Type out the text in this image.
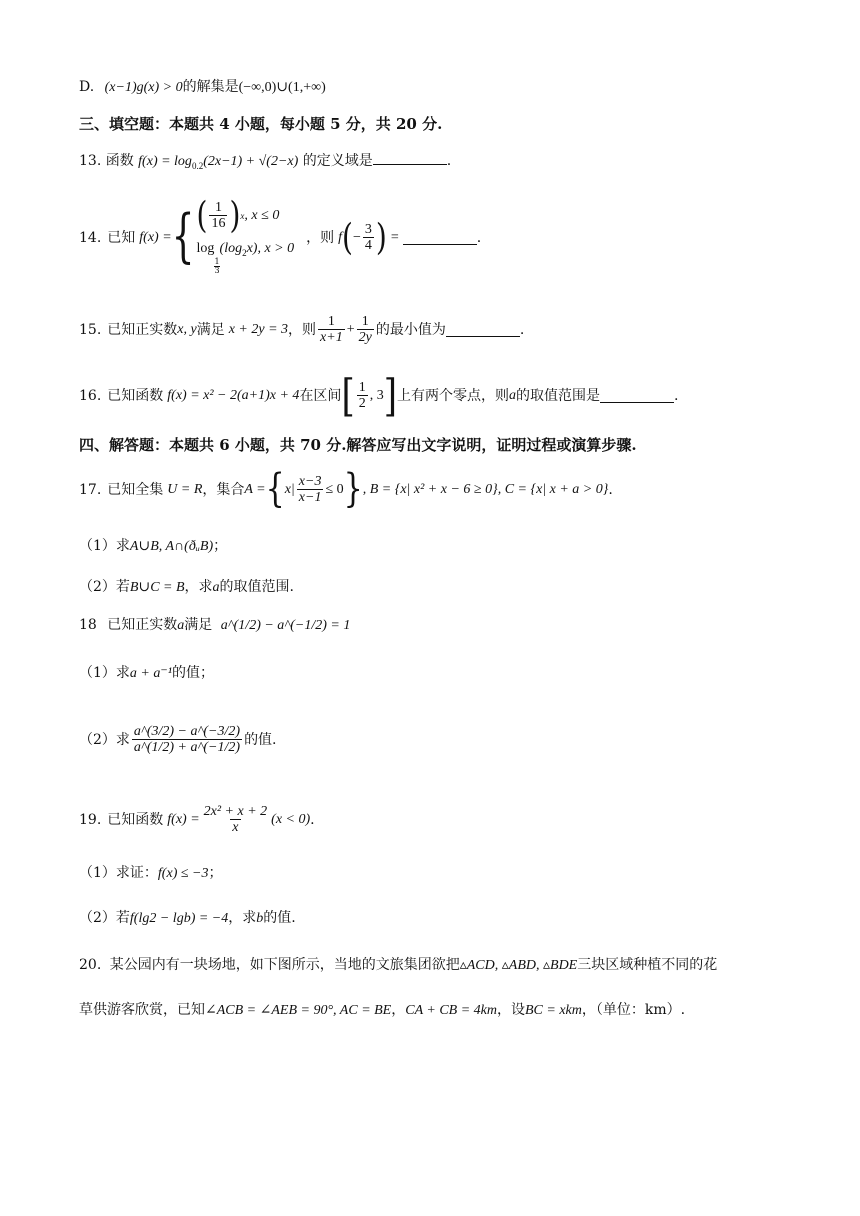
D. (x−1)g(x) > 0的解集是(−∞,0)∪(1,+∞)
三、填空题：本题共 4 小题，每小题 5 分，共 20 分.
13. 函数 $f(x) = \log_{0.2}(2x-1) + √(2-x)$ 的定义域是	.
14. 已知 f(x) = { ( $\frac{1}{16}$ ) x , x ≤ 0
log
$\frac{1}{3}$
$(\log_2x)$, x > 0
，则 f ( − $\frac{3}{4}$ ) =	.
15. 已知正实数 x, y 满足 x + 2y = 3 ，则 $\frac{1}{x+1} + \frac{1}{2y}$ 的最小值为	.
16. 已知函数 f(x) = x² − 2(a+1)x + 4 在区间 [ $\frac{1}{2}$ , 3 ] 上有两个零点，则 a 的取值范围是	.
四、解答题：本题共 6 小题，共 70 分.解答应写出文字说明，证明过程或演算步骤.
17. 已知全集 U = R ，集合 A = { $x| \frac{x-3}{x-1} \le 0$ } , B = {x| x² + x − 6 ≥ 0}, C = {x| x + a > 0} .
（1）求A∪B, A∩(ðᵤB)；
（2）若B∪C = B，求a的取值范围.
18 已知正实数a满足 a^(1/2) − a^(−1/2) = 1
（1）求a + a⁻¹的值；
（2）求 $\frac{a\^{}(3/2) - a\^{}(-3/2)}{a\^{}(1/2) + a\^{}(-1/2)}$ 的值.
19. 已知函数 $f(x) = \frac{\text{2x² + x + 2}}{x} (x < 0)$ .
（1）求证：f(x) ≤ −3；
（2）若f(lg2 − lgb) = −4，求b的值.
20. 某公园内有一块场地，如下图所示，当地的文旅集团欲把▵ACD, ▵ABD, ▵BDE三块区域种植不同的花
草供游客欣赏，已知∠ACB = ∠AEB = 90°, AC = BE，CA + CB = 4km，设BC = xkm，（单位：km）.
